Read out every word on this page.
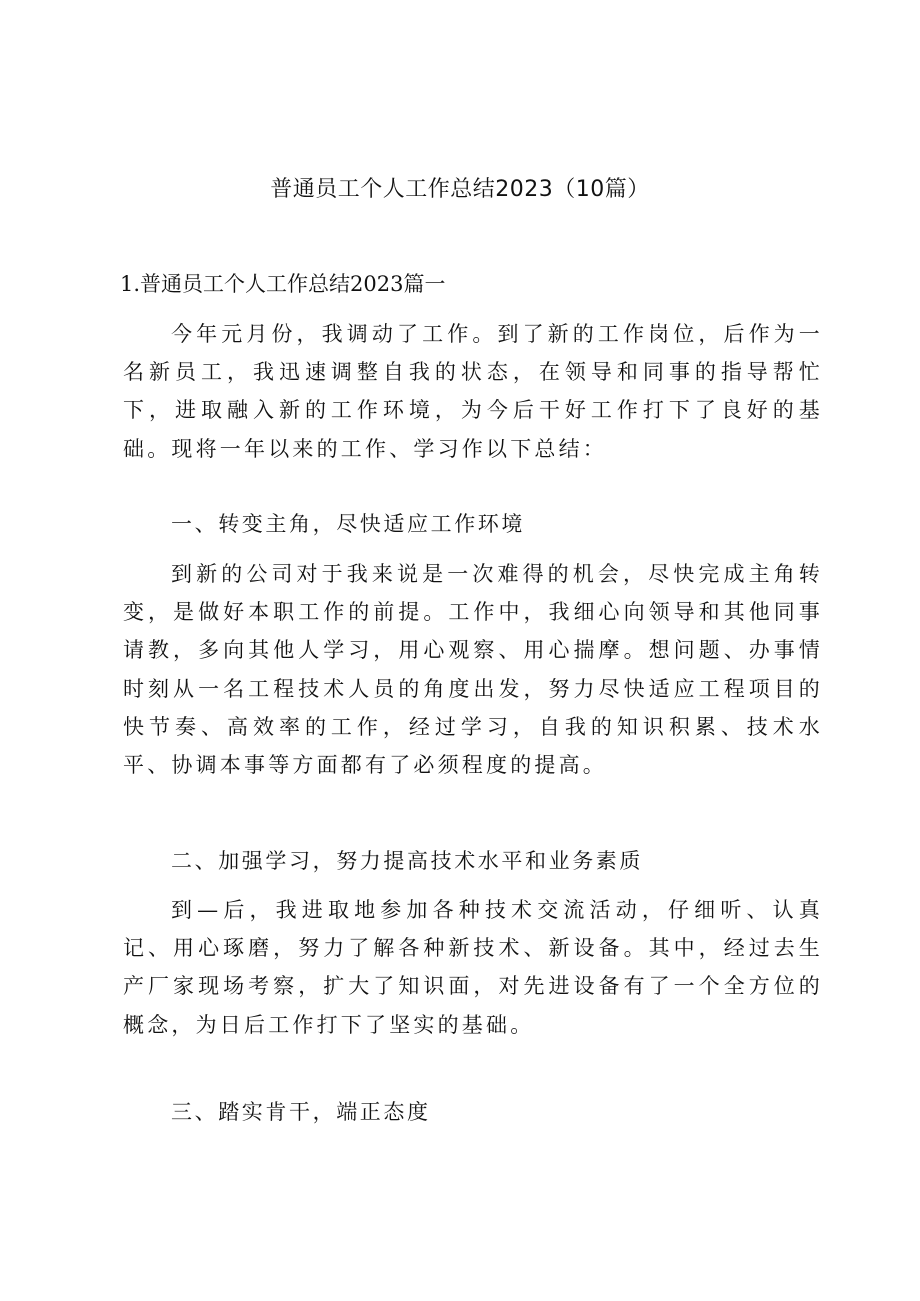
普通员工个人工作总结2023（10篇）
1.普通员工个人工作总结2023篇一

今年元月份，我调动了工作。到了新的工作岗位，后作为一名新员工，我迅速调整自我的状态，在领导和同事的指导帮忙下，进取融入新的工作环境，为今后干好工作打下了良好的基础。现将一年以来的工作、学习作以下总结：

一、转变主角，尽快适应工作环境

到新的公司对于我来说是一次难得的机会，尽快完成主角转变，是做好本职工作的前提。工作中，我细心向领导和其他同事请教，多向其他人学习，用心观察、用心揣摩。想问题、办事情时刻从一名工程技术人员的角度出发，努力尽快适应工程项目的快节奏、高效率的工作，经过学习，自我的知识积累、技术水平、协调本事等方面都有了必须程度的提高。

二、加强学习，努力提高技术水平和业务素质

到—后，我进取地参加各种技术交流活动，仔细听、认真记、用心琢磨，努力了解各种新技术、新设备。其中，经过去生产厂家现场考察，扩大了知识面，对先进设备有了一个全方位的概念，为日后工作打下了坚实的基础。

三、踏实肯干，端正态度
